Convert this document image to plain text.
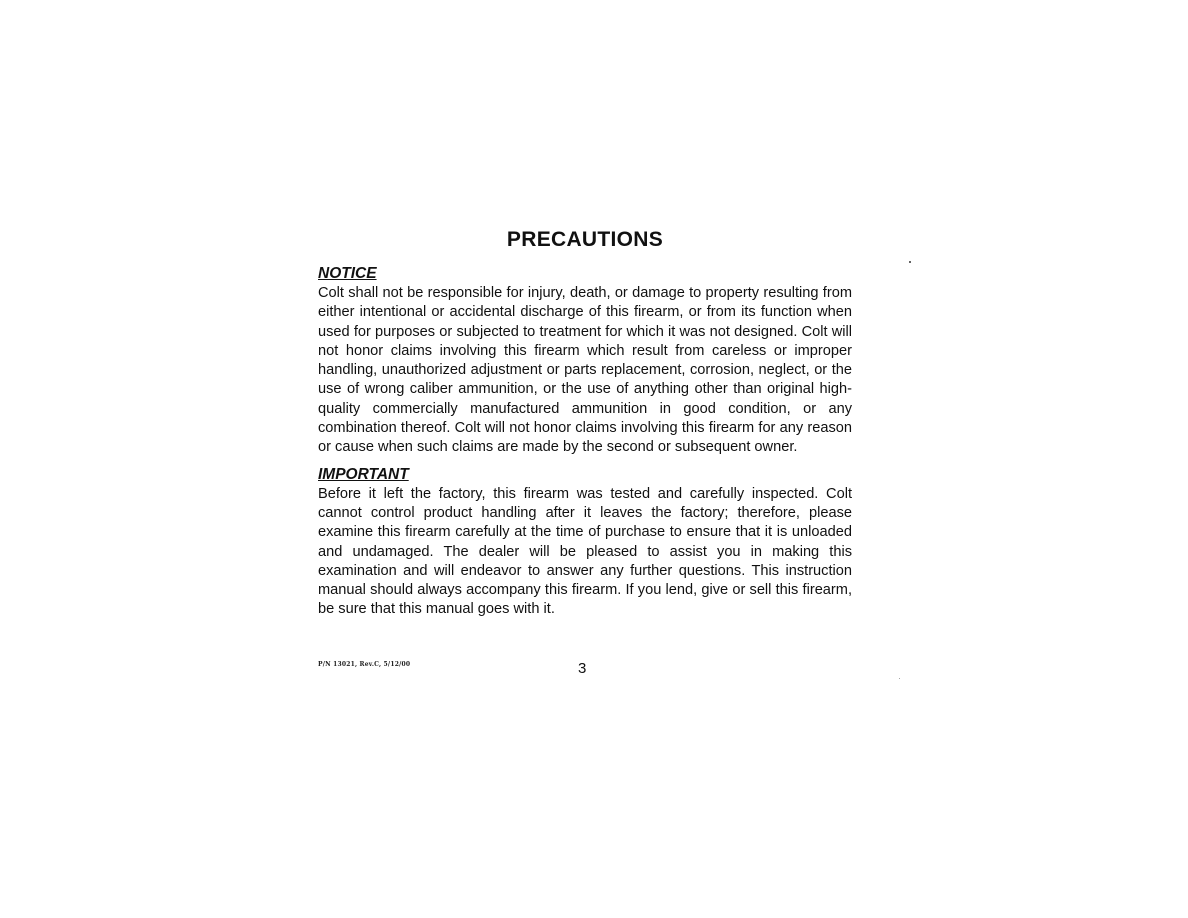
PRECAUTIONS
NOTICE

Colt shall not be responsible for injury, death, or damage to property resulting from either intentional or accidental discharge of this firearm, or from its function when used for purposes or subjected to treatment for which it was not designed. Colt will not honor claims involving this firearm which result from careless or improper handling, unauthorized adjustment or parts replacement, corrosion, neglect, or the use of wrong caliber ammunition, or the use of anything other than original high-quality commercially manufactured ammunition in good condition, or any combination thereof. Colt will not honor claims involving this firearm for any reason or cause when such claims are made by the second or subsequent owner.

IMPORTANT

Before it left the factory, this firearm was tested and carefully inspected. Colt cannot control product handling after it leaves the factory; therefore, please examine this firearm carefully at the time of purchase to ensure that it is unloaded and undamaged. The dealer will be pleased to assist you in making this examination and will endeavor to answer any further questions. This instruction manual should always accompany this firearm. If you lend, give or sell this firearm, be sure that this manual goes with it.

P/N 13021, Rev.C, 5/12/00	3
